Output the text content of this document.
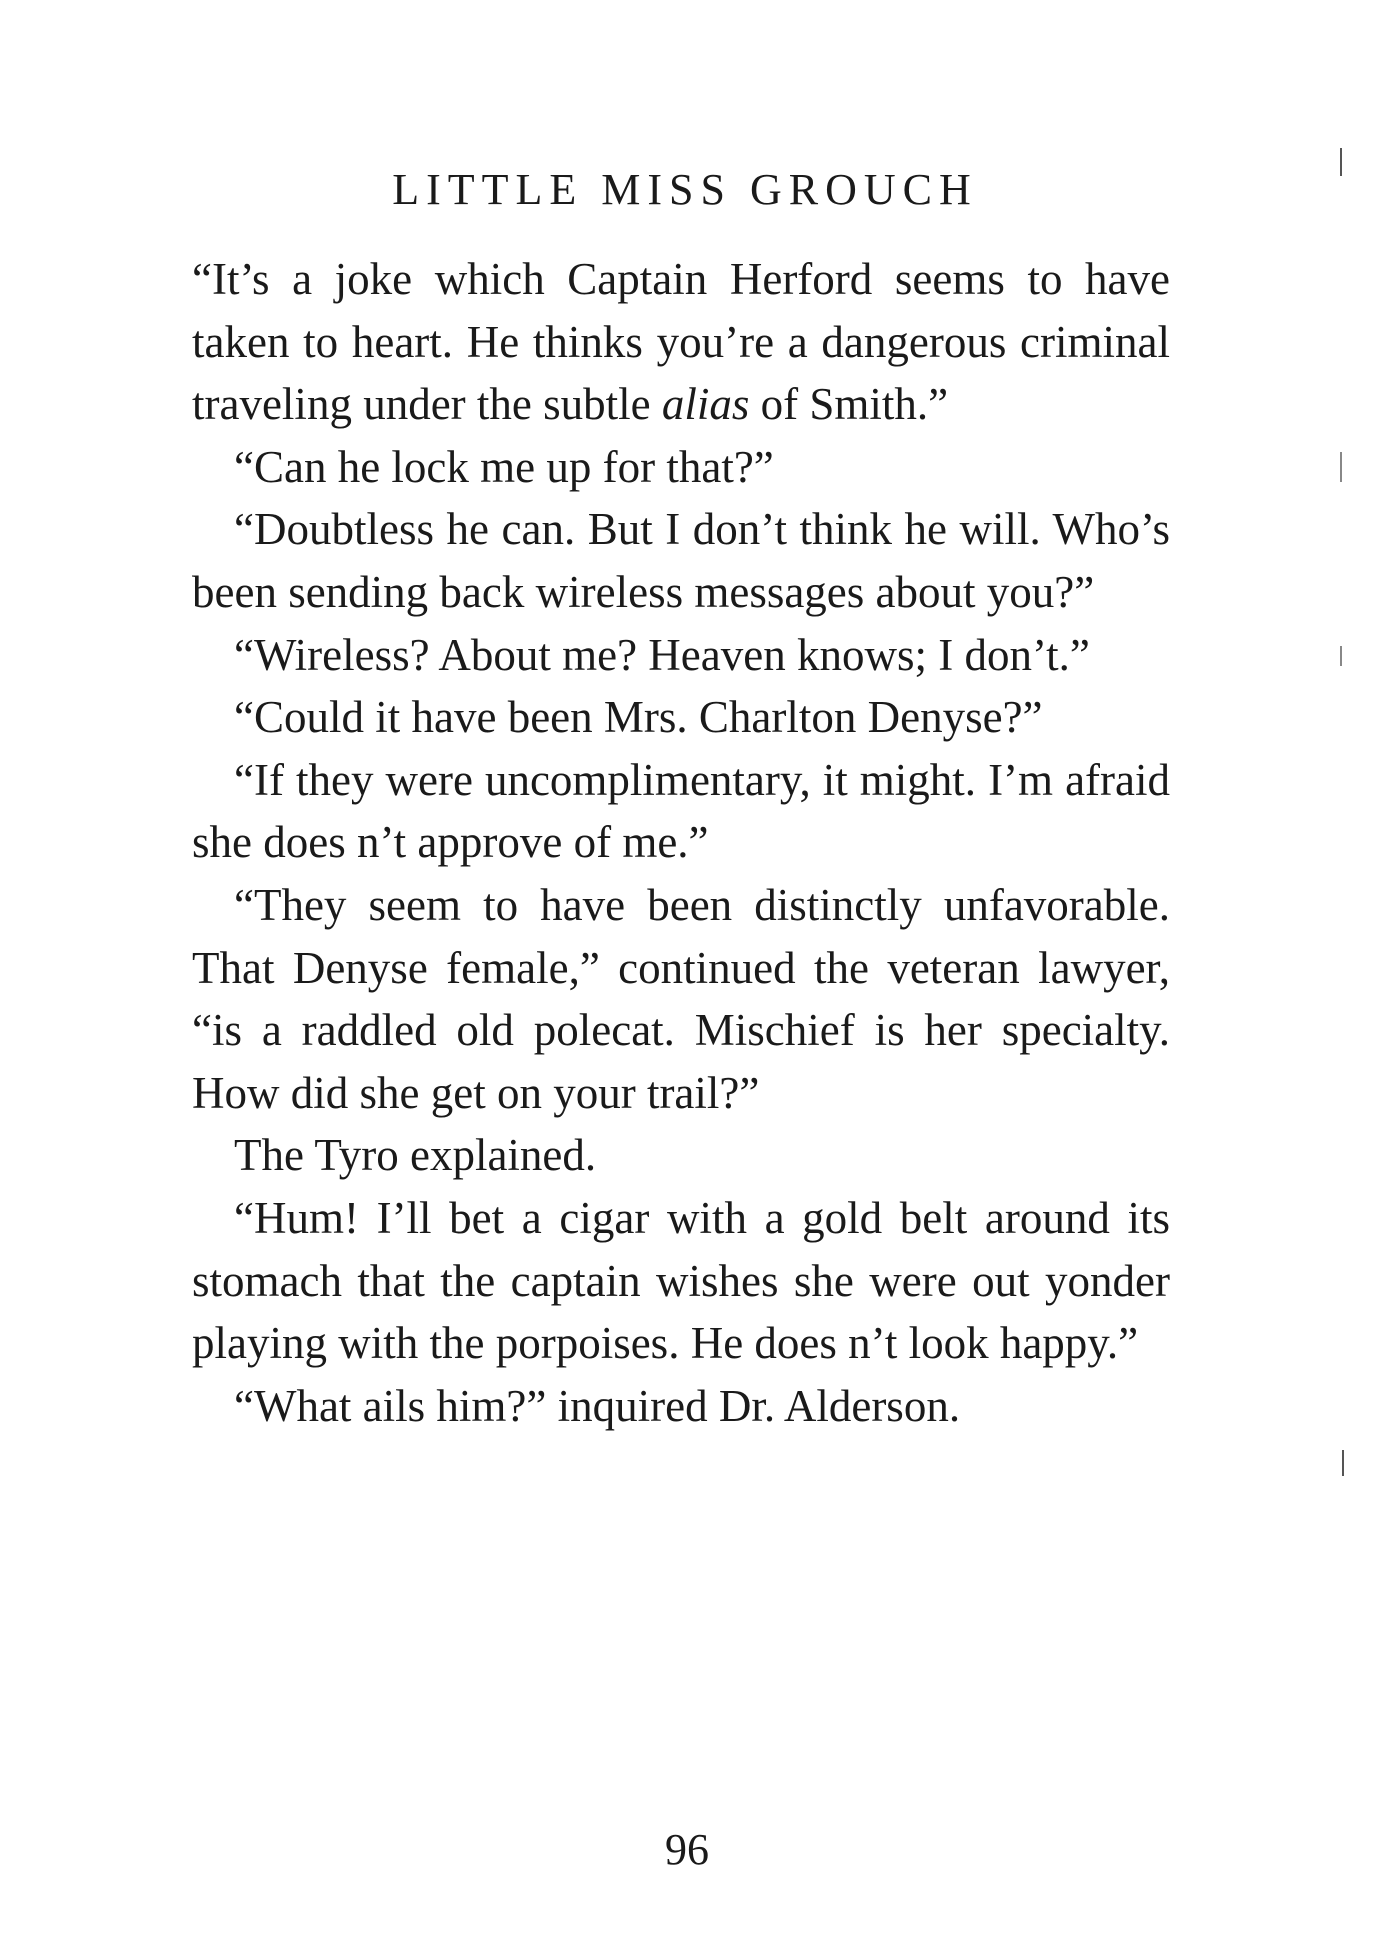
LITTLE MISS GROUCH

“It’s a joke which Captain Herford seems to have taken to heart. He thinks you’re a dangerous criminal traveling under the subtle alias of Smith.”

“Can he lock me up for that?”

“Doubtless he can. But I don’t think he will. Who’s been sending back wireless messages about you?”

“Wireless? About me? Heaven knows; I don’t.”

“Could it have been Mrs. Charlton Denyse?”

“If they were uncomplimentary, it might. I’m afraid she does n’t approve of me.”

“They seem to have been distinctly unfavorable. That Denyse female,” continued the veteran lawyer, “is a raddled old polecat. Mischief is her specialty. How did she get on your trail?”

The Tyro explained.

“Hum! I’ll bet a cigar with a gold belt around its stomach that the captain wishes she were out yonder playing with the porpoises. He does n’t look happy.”

“What ails him?” inquired Dr. Alderson.

96
